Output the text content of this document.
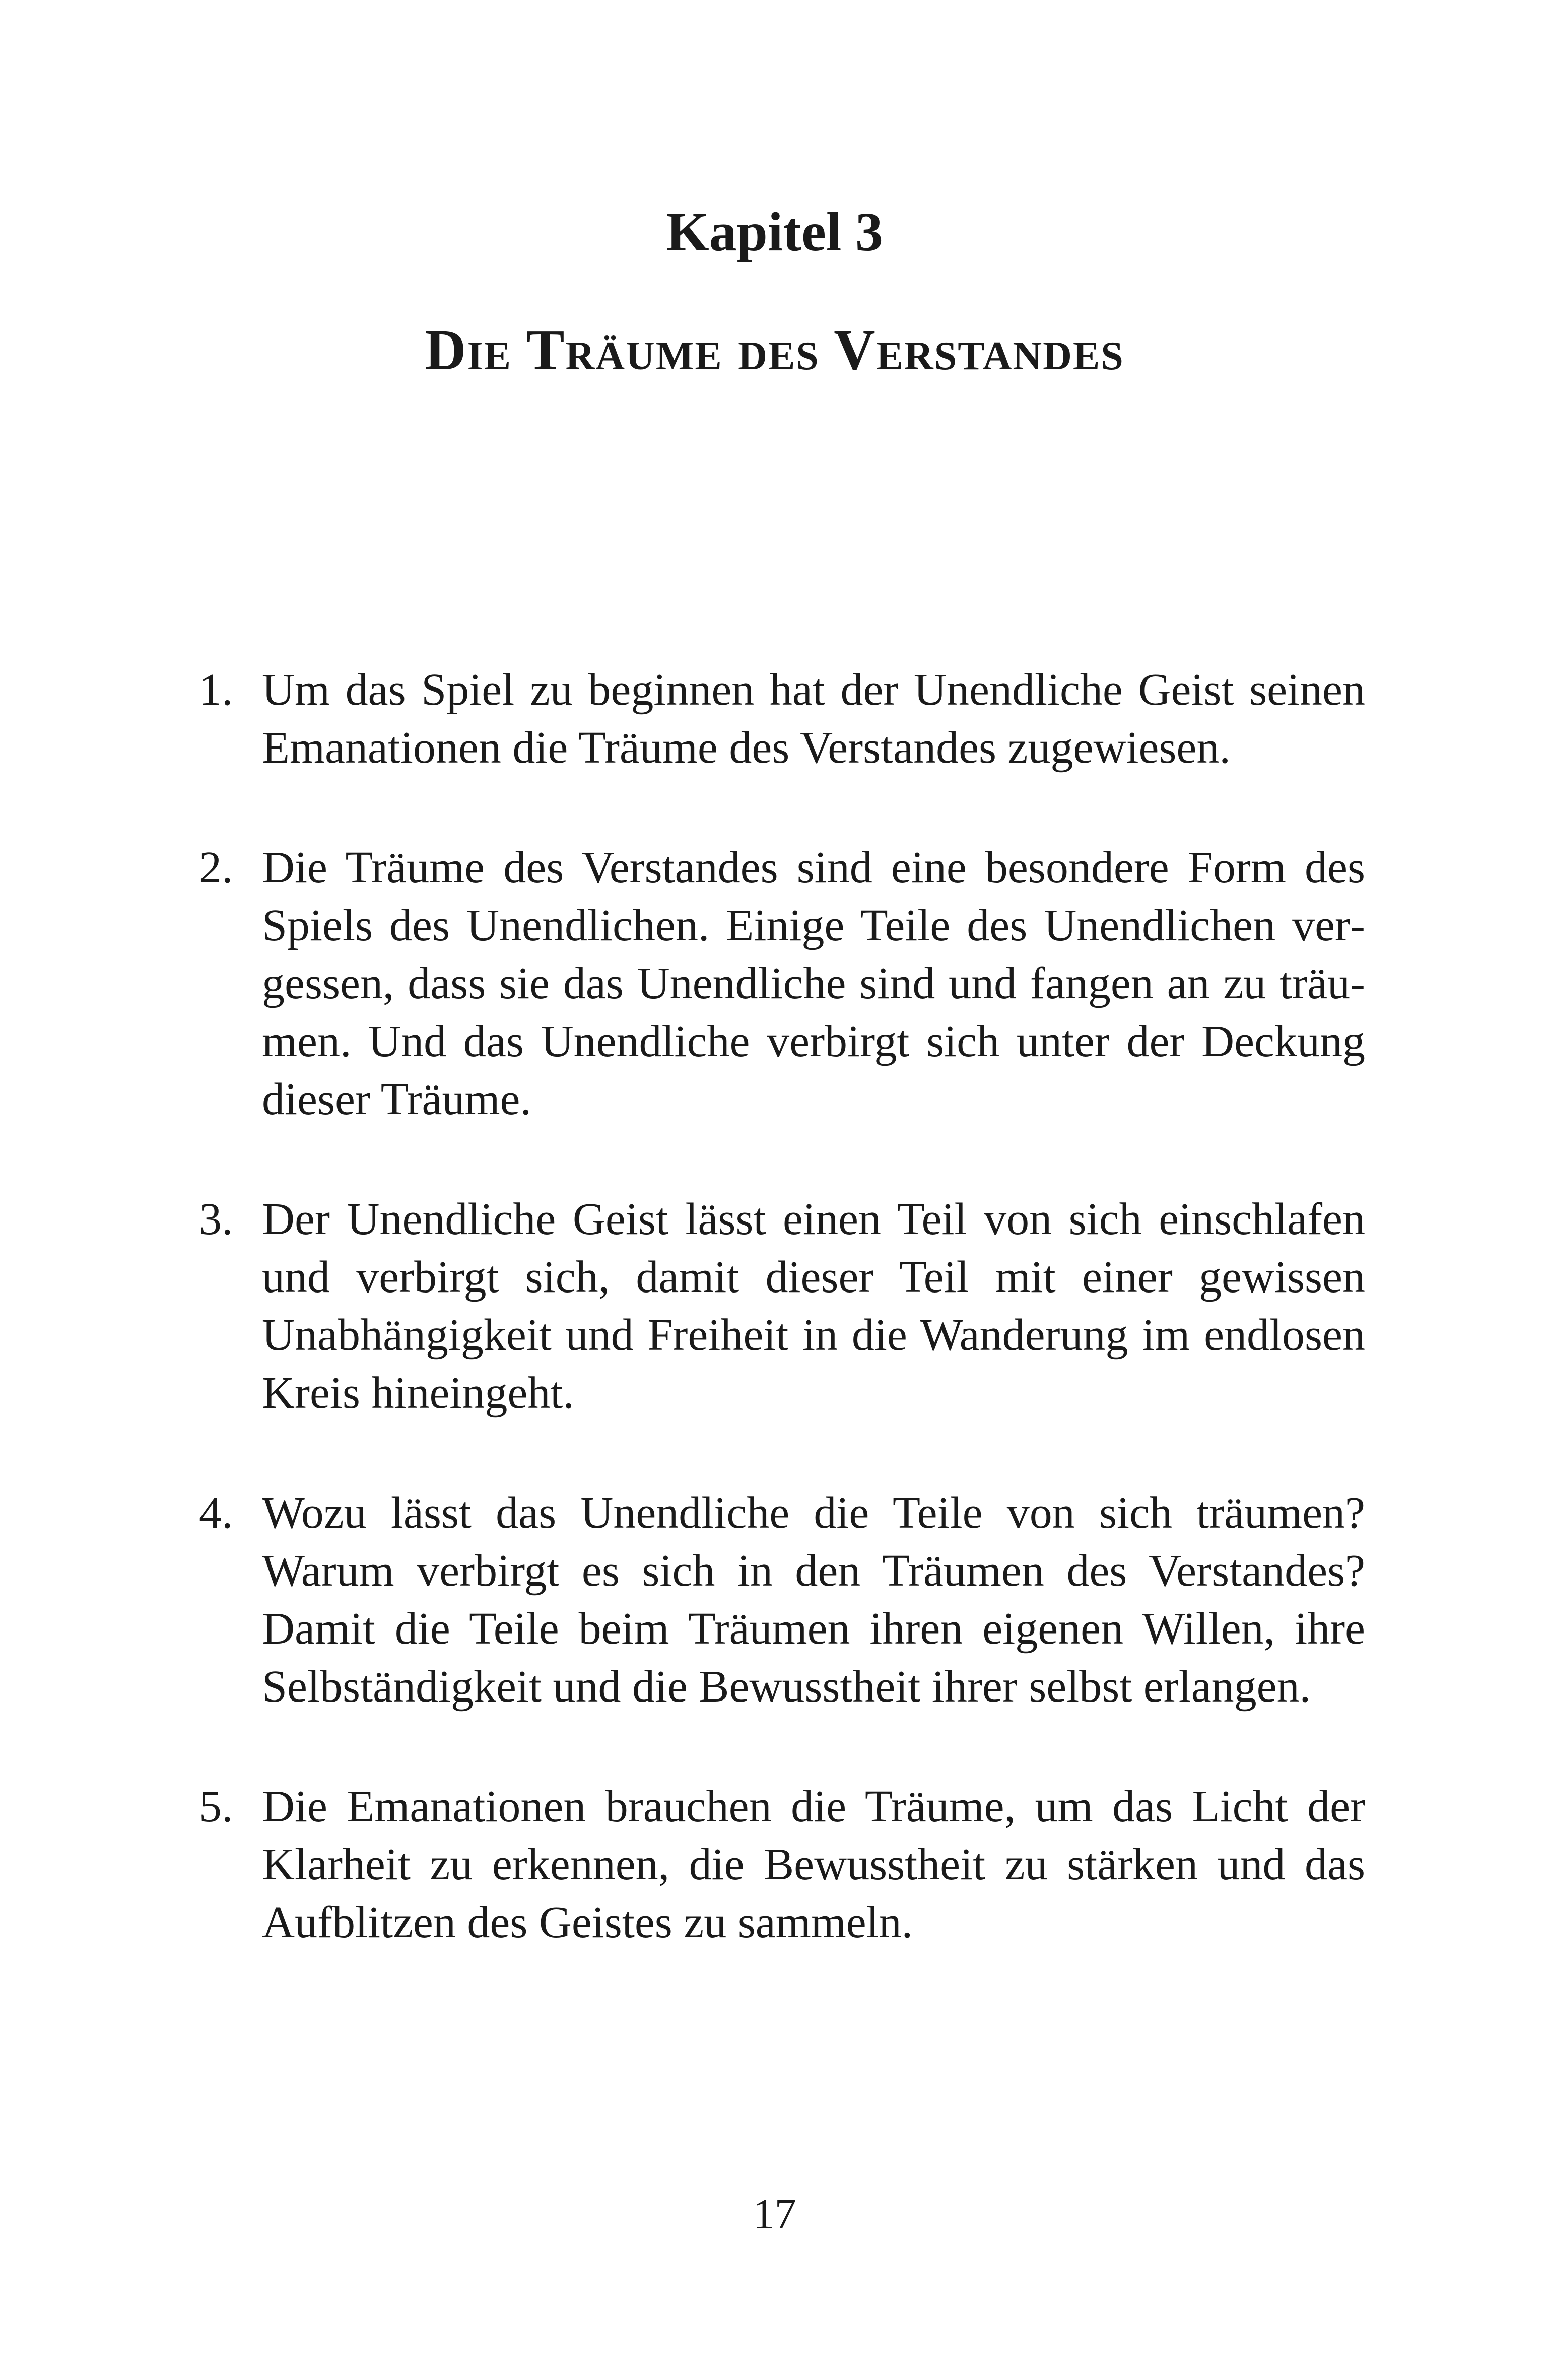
Kapitel 3
Die Träume des Verstandes
1. Um das Spiel zu beginnen hat der Unendliche Geist seinen Emanationen die Träume des Verstandes zugewiesen.
2. Die Träume des Verstandes sind eine besondere Form des Spiels des Unendlichen. Einige Teile des Unendlichen vergessen, dass sie das Unendliche sind und fangen an zu träumen. Und das Unendliche verbirgt sich unter der Deckung dieser Träume.
3. Der Unendliche Geist lässt einen Teil von sich einschlafen und verbirgt sich, damit dieser Teil mit einer gewissen Unabhängigkeit und Freiheit in die Wanderung im endlosen Kreis hineingeht.
4. Wozu lässt das Unendliche die Teile von sich träumen? Warum verbirgt es sich in den Träumen des Verstandes? Damit die Teile beim Träumen ihren eigenen Willen, ihre Selbständigkeit und die Bewusstheit ihrer selbst erlangen.
5. Die Emanationen brauchen die Träume, um das Licht der Klarheit zu erkennen, die Bewusstheit zu stärken und das Aufblitzen des Geistes zu sammeln.
17
